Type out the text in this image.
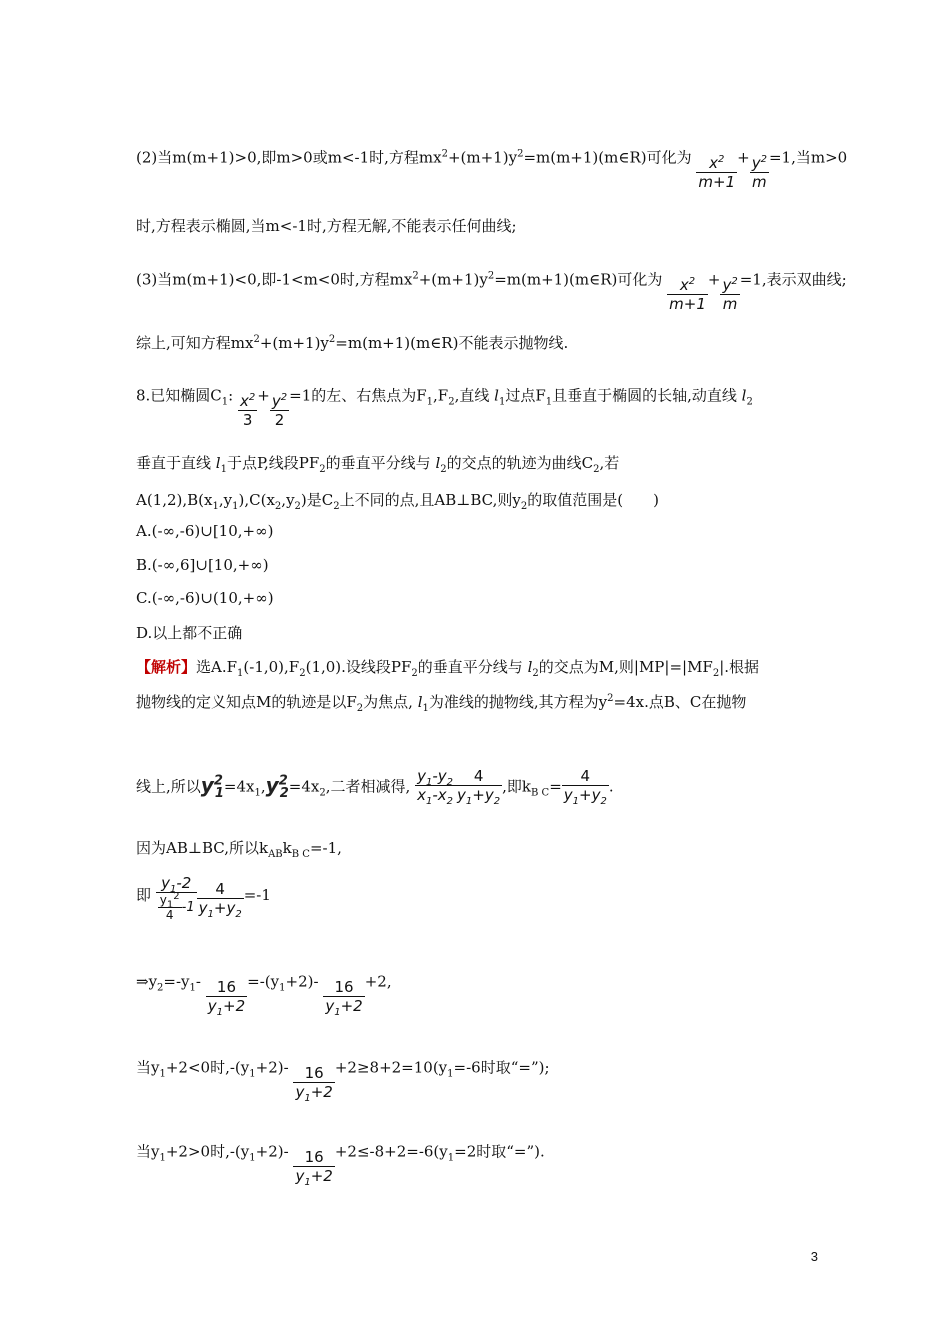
(2)当m(m+1)>0,即m>0或m<-1时,方程$mx^2+(m+1)y^2=m(m+1)(m\in R)$可化为 $\frac{x^2}{m+1} + \frac{y^2}{m} =1$,当m>0
时,方程表示椭圆,当m<-1时,方程无解,不能表示任何曲线;
(3)当m(m+1)<0,即-1<m<0时,方程$mx^2+(m+1)y^2=m(m+1)(m\in R)$可化为 $\frac{x^2}{m+1} + \frac{y^2}{m} =1$,表示双曲线;
综上,可知方程$mx^2+(m+1)y^2=m(m+1)(m\in R)$不能表示抛物线.
8.已知椭圆$C_1$: $\frac{x^2}{3} + \frac{y^2}{2} =1$的左、右焦点为$F_1,F_2$,直线 $l_1$过点$F_1$且垂直于椭圆的长轴,动直线 $l_2$
垂直于直线 $l_1$于点P,线段$PF_2$的垂直平分线与 $l_2$的交点的轨迹为曲线$C_2$,若
$A(1,2),B(x_1,y_1),C(x_2,y_2)$是$C_2$上不同的点,且AB⊥BC,则$y_2$的取值范围是(　　)
A.(-∞,-6)∪[10,+∞)
B.(-∞,6]∪[10,+∞)
C.(-∞,-6)∪(10,+∞)
D.以上都不正确
【解析】选$A.F_1(-1,0),F_2(1,0)$.设线段$PF_2$的垂直平分线与 $l_2$的交点为M,则$|MP|=|MF_2|$.根据
抛物线的定义知点M的轨迹是以$F_2$为焦点, $l_1$为准线的抛物线,其方程为$y^2=4x$.点B、C在抛物
线上,所以$y^2_1=4x_1,y^2_2=4x_2$,二者相减得, $\frac{y_1-y_2}{x_1-x_2} \frac{4}{y_1+y_2}$ ,即$k_{B C}= \frac{4}{y_1+y_2}$ .
因为AB⊥BC,所以$k_{AB}k_{B C}=-1$,
即 $\frac{y_1-2}{\frac{y_1^2}{4} -1} \frac{4}{y_1+y_2} =-1$
$\Rightarrow y_2=-y_1- \frac{16}{y_1+2} =-(y_1+2)- \frac{16}{y_1+2} +2$,
当$y_1+2<0$时$,-(y_1+2)- \frac{16}{y_1+2} +2\ge 8+2=10(y_1=-6$时取“=”);
当$y_1+2>0$时$,-(y_1+2)- \frac{16}{y_1+2} +2\le-8+2=-6(y_1=2$时取“=”).
3
